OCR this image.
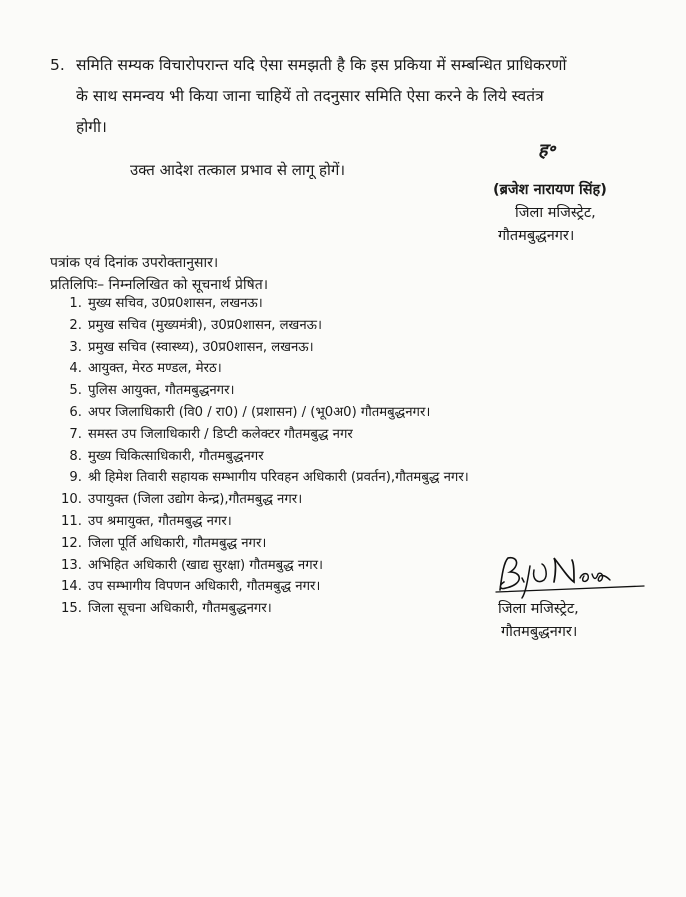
5. समिति सम्यक विचारोपरान्त यदि ऐसा समझती है कि इस प्रकिया में सम्बन्धित प्राधिकरणों
के साथ समन्वय भी किया जाना चाहियें तो तदनुसार समिति ऐसा करने के लिये स्वतंत्र
होगी।
उक्त आदेश तत्काल प्रभाव से लागू होगें।
ह॰
(ब्रजेश नारायण सिंह)
जिला मजिस्ट्रेट,
गौतमबुद्धनगर।
पत्रांक एवं दिनांक उपरोक्तानुसार।
प्रतिलिपिः– निम्नलिखित को सूचनार्थ प्रेषित।
1. मुख्य सचिव, उ0प्र0शासन, लखनऊ।
2. प्रमुख सचिव (मुख्यमंत्री), उ0प्र0शासन, लखनऊ।
3. प्रमुख सचिव (स्वास्थ्य), उ0प्र0शासन, लखनऊ।
4. आयुक्त, मेरठ मण्डल, मेरठ।
5. पुलिस आयुक्त, गौतमबुद्धनगर।
6. अपर जिलाधिकारी (वि0 / रा0) / (प्रशासन) / (भू0अ0) गौतमबुद्धनगर।
7. समस्त उप जिलाधिकारी / डिप्टी कलेक्टर गौतमबुद्ध नगर
8. मुख्य चिकित्साधिकारी, गौतमबुद्धनगर
9. श्री हिमेश तिवारी सहायक सम्भागीय परिवहन अधिकारी (प्रवर्तन),गौतमबुद्ध नगर।
10. उपायुक्त (जिला उद्योग केन्द्र),गौतमबुद्ध नगर।
11. उप श्रमायुक्त, गौतमबुद्ध नगर।
12. जिला पूर्ति अधिकारी, गौतमबुद्ध नगर।
13. अभिहित अधिकारी (खाद्य सुरक्षा) गौतमबुद्ध नगर।
14. उप सम्भागीय विपणन अधिकारी, गौतमबुद्ध नगर।
15. जिला सूचना अधिकारी, गौतमबुद्धनगर।	जिला मजिस्ट्रेट,
गौतमबुद्धनगर।
